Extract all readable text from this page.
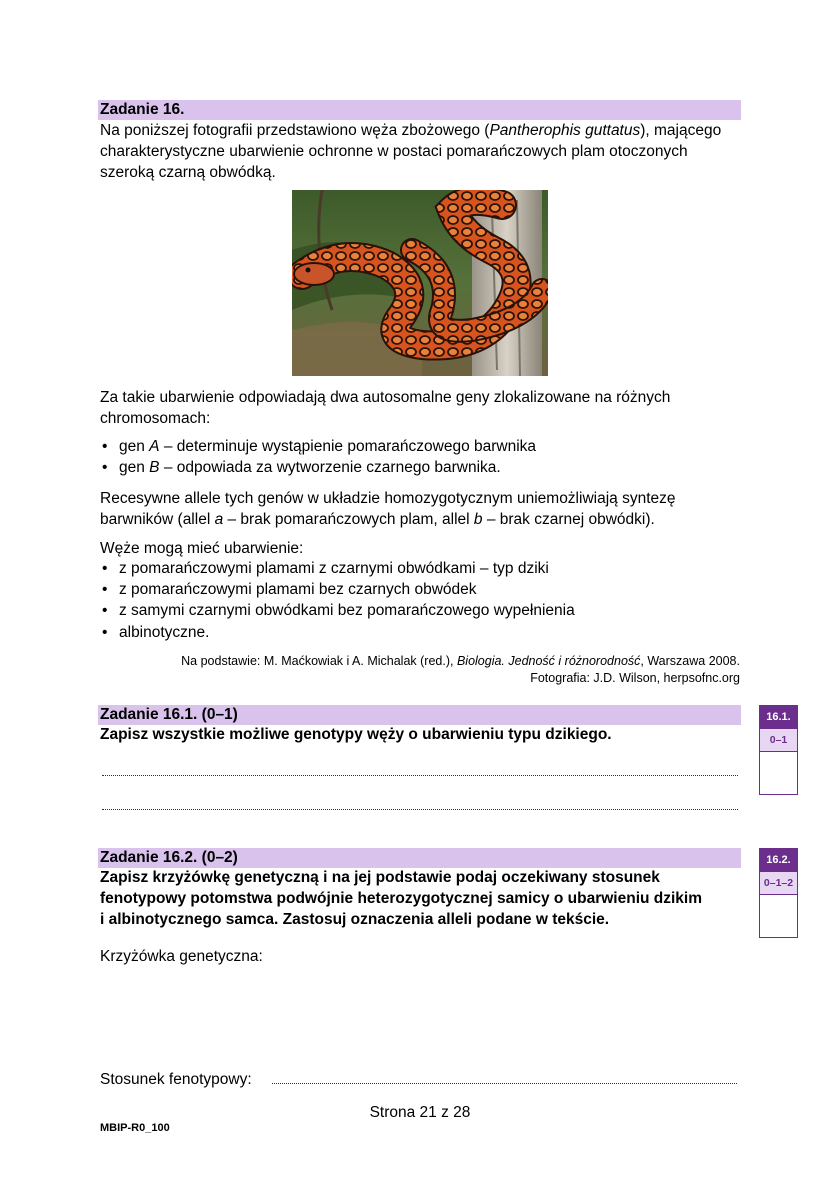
Zadanie 16.
Na poniższej fotografii przedstawiono węża zbożowego (Pantherophis guttatus), mającego
charakterystyczne ubarwienie ochronne w postaci pomarańczowych plam otoczonych
szeroką czarną obwódką.
Za takie ubarwienie odpowiadają dwa autosomalne geny zlokalizowane na różnych
chromosomach:
• gen A – determinuje wystąpienie pomarańczowego barwnika
• gen B – odpowiada za wytworzenie czarnego barwnika.
Recesywne allele tych genów w układzie homozygotycznym uniemożliwiają syntezę
barwników (allel a – brak pomarańczowych plam, allel b – brak czarnej obwódki).
Węże mogą mieć ubarwienie:
• z pomarańczowymi plamami z czarnymi obwódkami – typ dziki
• z pomarańczowymi plamami bez czarnych obwódek
• z samymi czarnymi obwódkami bez pomarańczowego wypełnienia
• albinotyczne.
Na podstawie: M. Maćkowiak i A. Michalak (red.), Biologia. Jedność i różnorodność, Warszawa 2008.
Fotografia: J.D. Wilson, herpsofnc.org
Zadanie 16.1. (0–1)
Zapisz wszystkie możliwe genotypy węży o ubarwieniu typu dzikiego.
16.1.
0–1
Zadanie 16.2. (0–2)
Zapisz krzyżówkę genetyczną i na jej podstawie podaj oczekiwany stosunek
fenotypowy potomstwa podwójnie heterozygotycznej samicy o ubarwieniu dzikim
i albinotycznego samca. Zastosuj oznaczenia alleli podane w tekście.
Krzyżówka genetyczna:
Stosunek fenotypowy:
16.2.
0–1–2
Strona 21 z 28
MBIP-R0_100
